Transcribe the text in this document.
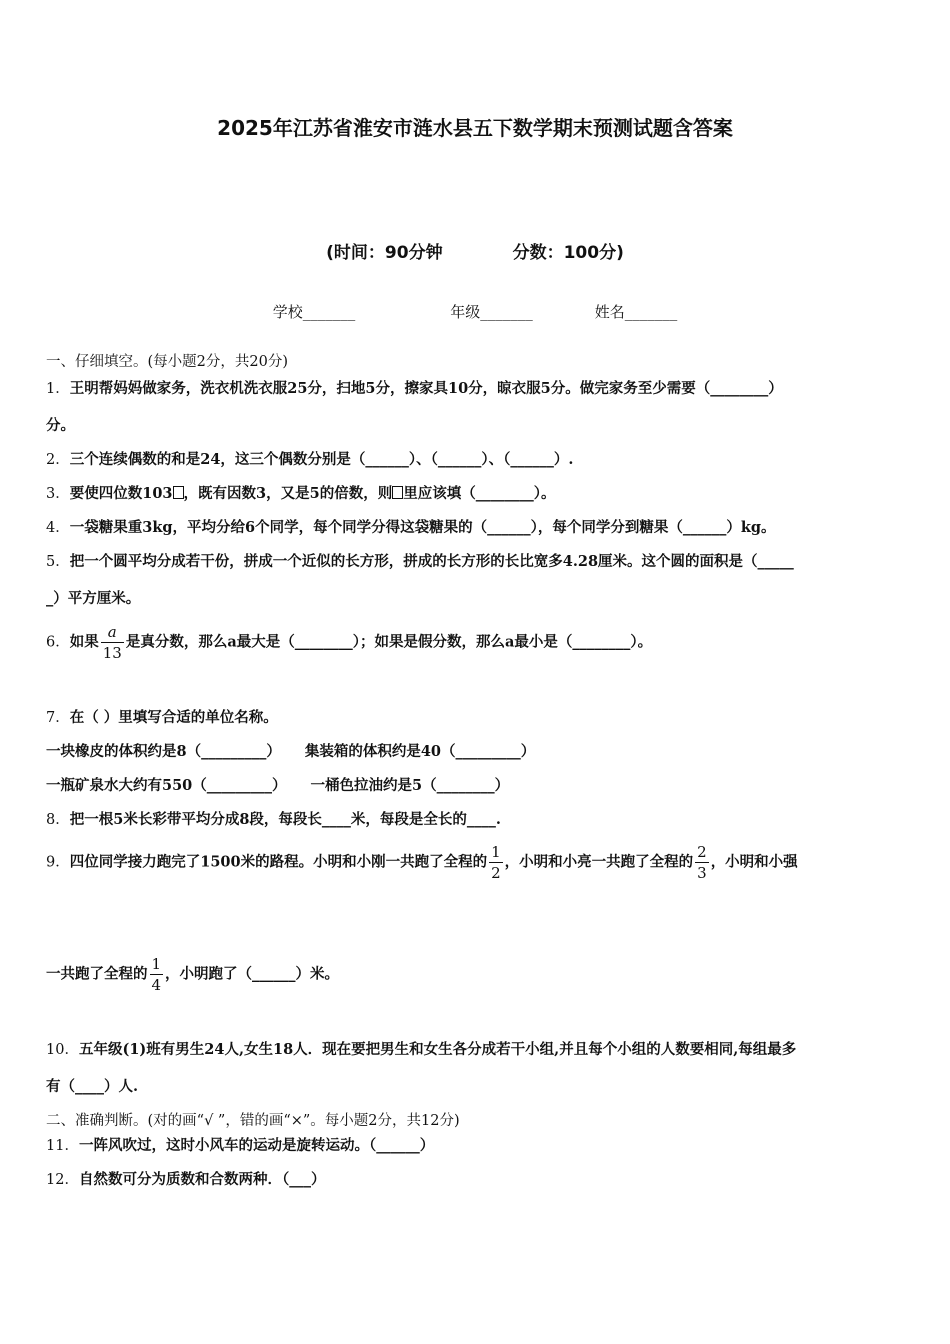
2025年江苏省淮安市涟水县五下数学期末预测试题含答案
(时间：90分钟	分数：100分)
学校_______	年级_______	姓名_______
一、仔细填空。(每小题2分，共20分)
1．王明帮妈妈做家务，洗衣机洗衣服25分，扫地5分，擦家具10分，晾衣服5分。做完家务至少需要（________）
分。
2．三个连续偶数的和是24，这三个偶数分别是（______）、（______）、（______）.
3．要使四位数103 ，既有因数3，又是5的倍数，则 里应该填（________）。
4．一袋糖果重3kg，平均分给6个同学，每个同学分得这袋糖果的（______），每个同学分到糖果（______）kg。
5．把一个圆平均分成若干份，拼成一个近似的长方形，拼成的长方形的长比宽多4.28厘米。这个圆的面积是（_____
_）平方厘米。
6．如果 $\frac{a}{13}$ 是真分数，那么a最大是（________）；如果是假分数，那么a最小是（________）。
7．在（ ）里填写合适的单位名称。
一块橡皮的体积约是8（_________） 集装箱的体积约是40（_________）
一瓶矿泉水大约有550（_________） 一桶色拉油约是5（________）
8．把一根5米长彩带平均分成8段，每段长____米，每段是全长的____.
9．四位同学接力跑完了1500米的路程。小明和小刚一共跑了全程的 $\frac{1}{2}$ ，小明和小亮一共跑了全程的 $\frac{2}{3}$ ，小明和小强
一共跑了全程的 $\frac{1}{4}$ ，小明跑了（______）米。
10．五年级(1)班有男生24人,女生18人．现在要把男生和女生各分成若干小组,并且每个小组的人数要相同,每组最多
有（____）人.
二、准确判断。(对的画“√ ”，错的画“×”。每小题2分，共12分)
11．一阵风吹过，这时小风车的运动是旋转运动。（______）
12．自然数可分为质数和合数两种．（___）
